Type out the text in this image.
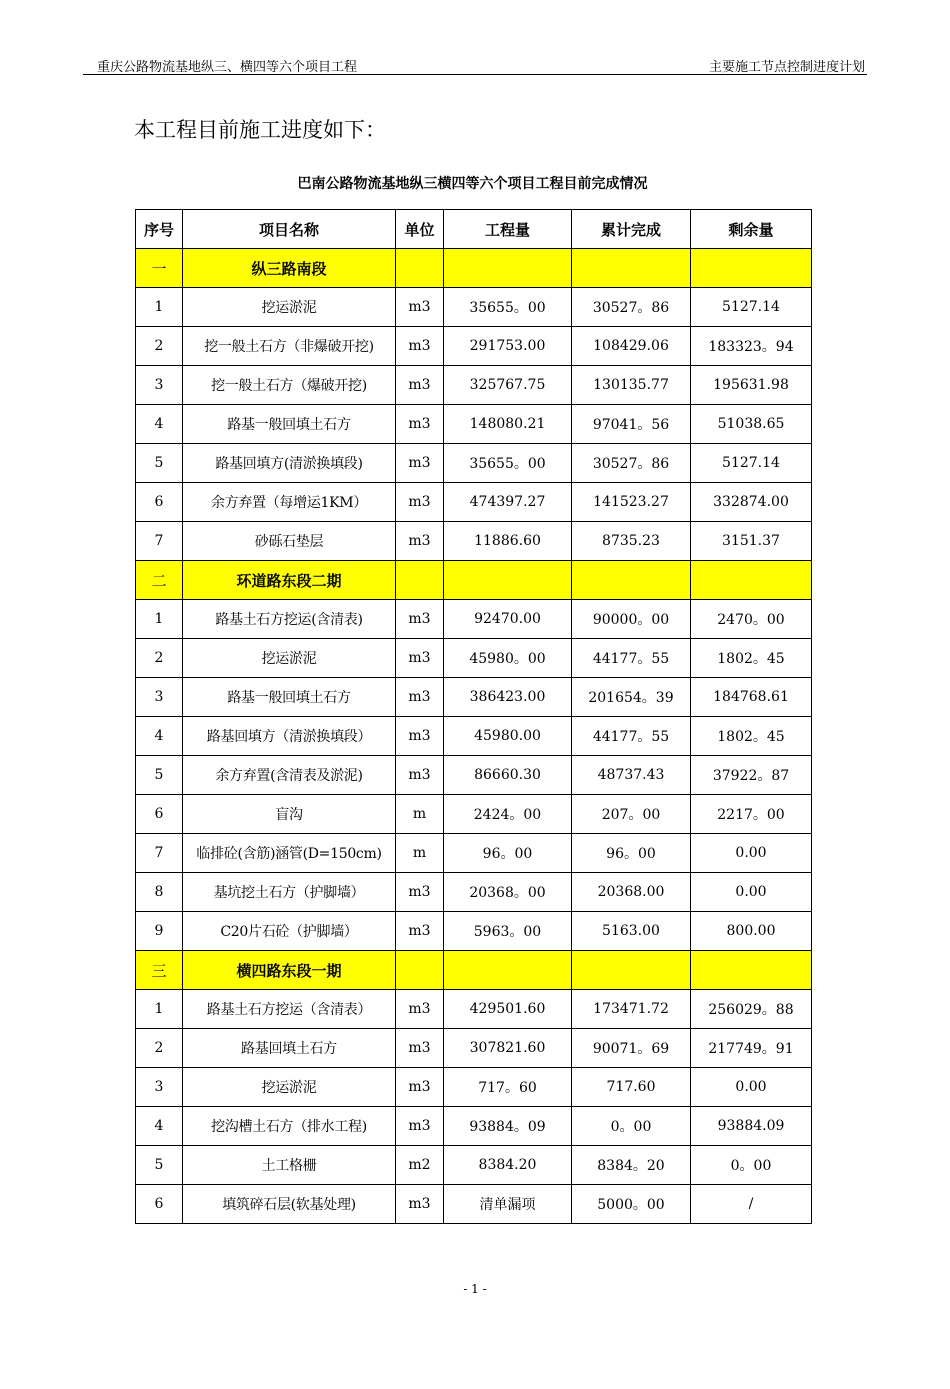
重庆公路物流基地纵三、横四等六个项目工程	主要施工节点控制进度计划
本工程目前施工进度如下：
巴南公路物流基地纵三横四等六个项目工程目前完成情况
序号	项目名称	单位	工程量	累计完成	剩余量
一	纵三路南段				
1	挖运淤泥	m3	35655。00	30527。86	5127.14
2	挖一般土石方（非爆破开挖)	m3	291753.00	108429.06	183323。94
3	挖一般土石方（爆破开挖)	m3	325767.75	130135.77	195631.98
4	路基一般回填土石方	m3	148080.21	97041。56	51038.65
5	路基回填方(清淤换填段)	m3	35655。00	30527。86	5127.14
6	余方弃置（每增运1KM）	m3	474397.27	141523.27	332874.00
7	砂砾石垫层	m3	11886.60	8735.23	3151.37
二	环道路东段二期				
1	路基土石方挖运(含清表)	m3	92470.00	90000。00	2470。00
2	挖运淤泥	m3	45980。00	44177。55	1802。45
3	路基一般回填土石方	m3	386423.00	201654。39	184768.61
4	路基回填方（清淤换填段）	m3	45980.00	44177。55	1802。45
5	余方弃置(含清表及淤泥)	m3	86660.30	48737.43	37922。87
6	盲沟	m	2424。00	207。00	2217。00
7	临排砼(含筋)涵管(D=150cm)	m	96。00	96。00	0.00
8	基坑挖土石方（护脚墙）	m3	20368。00	20368.00	0.00
9	C20片石砼（护脚墙）	m3	5963。00	5163.00	800.00
三	横四路东段一期				
1	路基土石方挖运（含清表）	m3	429501.60	173471.72	256029。88
2	路基回填土石方	m3	307821.60	90071。69	217749。91
3	挖运淤泥	m3	717。60	717.60	0.00
4	挖沟槽土石方（排水工程)	m3	93884。09	0。00	93884.09
5	土工格栅	m2	8384.20	8384。20	0。00
6	填筑碎石层(软基处理)	m3	清单漏项	5000。00	/
- 1 -
